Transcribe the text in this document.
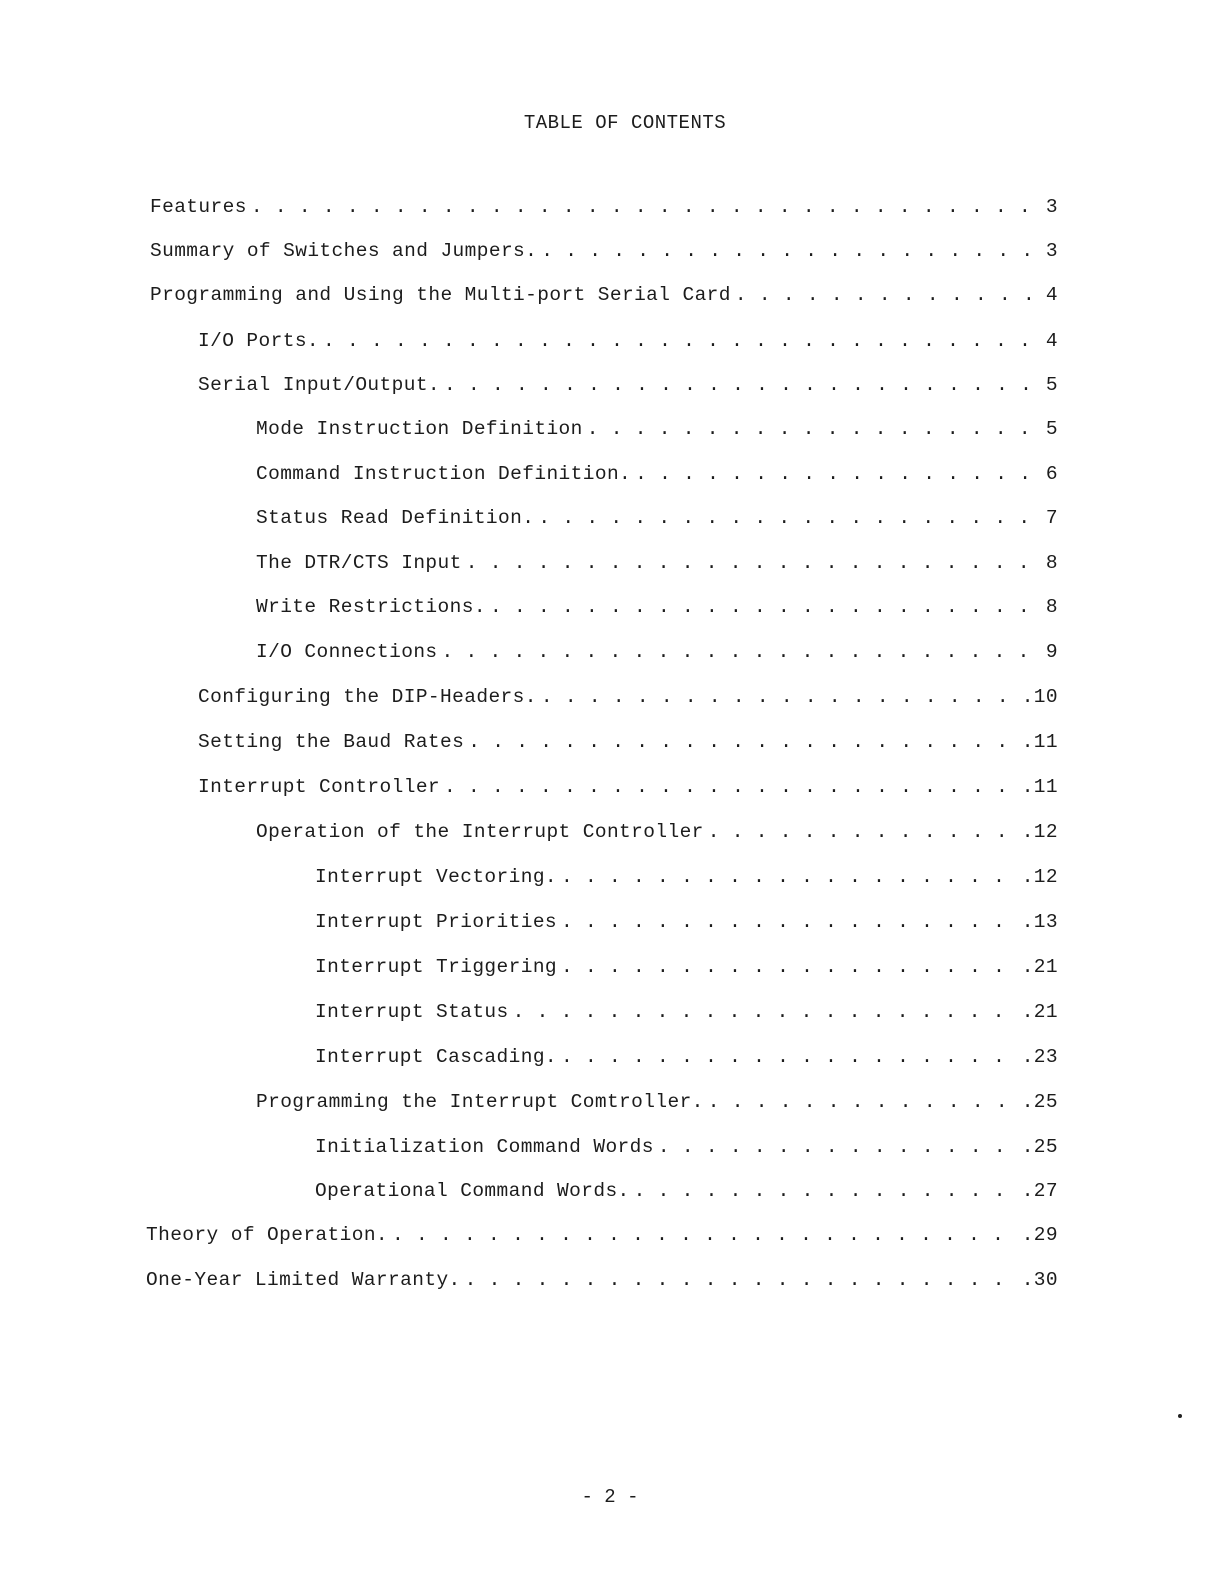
TABLE OF CONTENTS
Features . . .	3
Summary of Switches and Jumpers. . . .	3
Programming and Using the Multi-port Serial Card . . .	4
I/O Ports. . . .	4
Serial Input/Output. . . .	5
Mode Instruction Definition . . .	5
Command Instruction Definition. . . .	6
Status Read Definition. . . .	7
The DTR/CTS Input . . .	8
Write Restrictions. . . .	8
I/O Connections . . .	9
Configuring the DIP-Headers. . . .	.10
Setting the Baud Rates . . .	.11
Interrupt Controller . . .	.11
Operation of the Interrupt Controller . . .	.12
Interrupt Vectoring. . . .	.12
Interrupt Priorities . . .	.13
Interrupt Triggering . . .	.21
Interrupt Status . . .	.21
Interrupt Cascading. . . .	.23
Programming the Interrupt Comtroller. . . .	.25
Initialization Command Words . . .	.25
Operational Command Words. . . .	.27
Theory of Operation. . . .	.29
One-Year Limited Warranty. . . .	.30
- 2 -
